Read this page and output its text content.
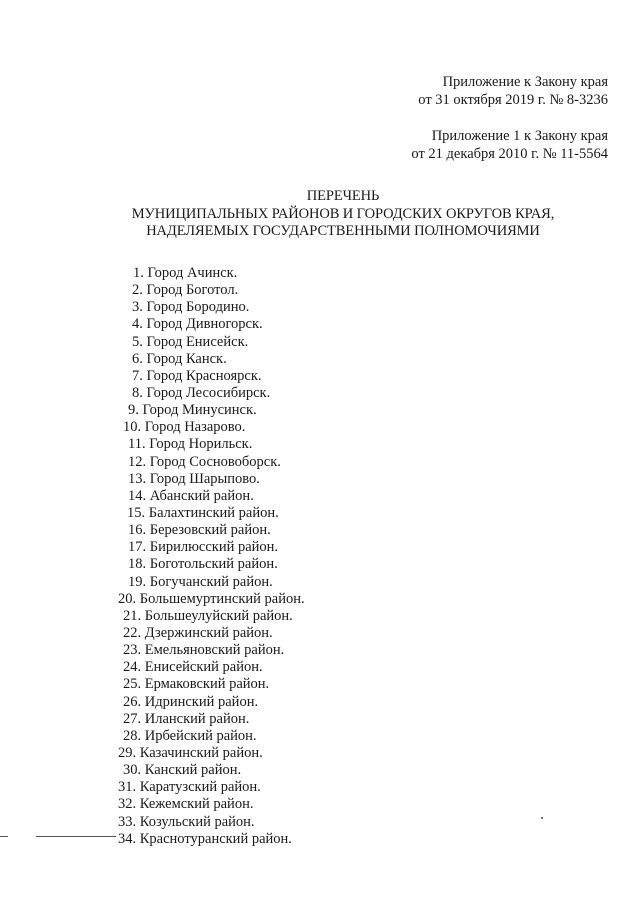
Приложение к Закону края
от 31 октября 2019 г. № 8-3236
Приложение 1 к Закону края
от 21 декабря 2010 г. № 11-5564
ПЕРЕЧЕНЬ
МУНИЦИПАЛЬНЫХ РАЙОНОВ И ГОРОДСКИХ ОКРУГОВ КРАЯ,
НАДЕЛЯЕМЫХ ГОСУДАРСТВЕННЫМИ ПОЛНОМОЧИЯМИ
1. Город Ачинск.
2. Город Боготол.
3. Город Бородино.
4. Город Дивногорск.
5. Город Енисейск.
6. Город Канск.
7. Город Красноярск.
8. Город Лесосибирск.
9. Город Минусинск.
10. Город Назарово.
11. Город Норильск.
12. Город Сосновоборск.
13. Город Шарыпово.
14. Абанский район.
15. Балахтинский район.
16. Березовский район.
17. Бирилюсский район.
18. Боготольский район.
19. Богучанский район.
20. Большемуртинский район.
21. Большеулуйский район.
22. Дзержинский район.
23. Емельяновский район.
24. Енисейский район.
25. Ермаковский район.
26. Идринский район.
27. Иланский район.
28. Ирбейский район.
29. Казачинский район.
30. Канский район.
31. Каратузский район.
32. Кежемский район.
33. Козульский район.
34. Краснотуранский район.
